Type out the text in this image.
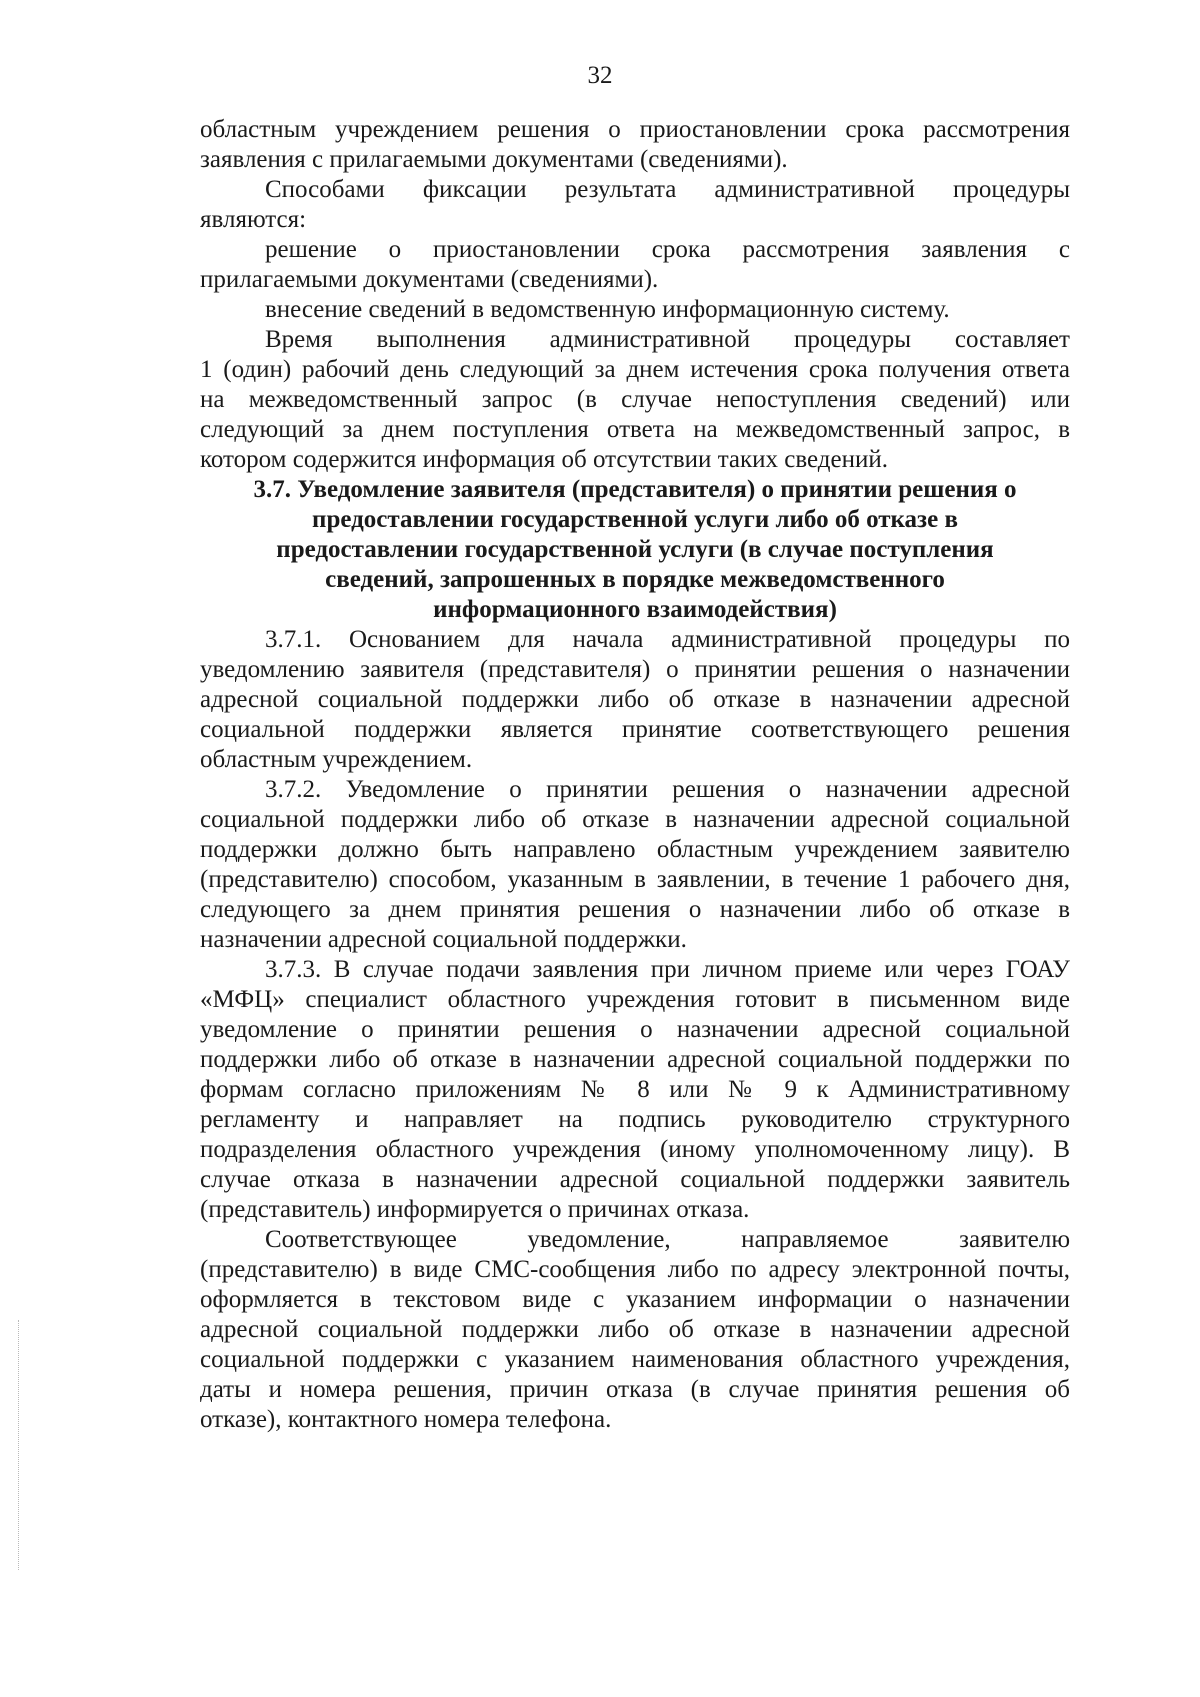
32
областным учреждением решения о приостановлении срока рассмотрения
заявления с прилагаемыми документами (сведениями).
Способами фиксации результата административной процедуры
являются:
решение о приостановлении срока рассмотрения заявления с
прилагаемыми документами (сведениями).
внесение сведений в ведомственную информационную систему.
Время выполнения административной процедуры составляет
1 (один) рабочий день следующий за днем истечения срока получения ответа
на межведомственный запрос (в случае непоступления сведений) или
следующий за днем поступления ответа на межведомственный запрос, в
котором содержится информация об отсутствии таких сведений.
3.7. Уведомление заявителя (представителя) о принятии решения о
предоставлении государственной услуги либо об отказе в
предоставлении государственной услуги (в случае поступления
сведений, запрошенных в порядке межведомственного
информационного взаимодействия)
3.7.1. Основанием для начала административной процедуры по
уведомлению заявителя (представителя) о принятии решения о назначении
адресной социальной поддержки либо об отказе в назначении адресной
социальной поддержки является принятие соответствующего решения
областным учреждением.
3.7.2. Уведомление о принятии решения о назначении адресной
социальной поддержки либо об отказе в назначении адресной социальной
поддержки должно быть направлено областным учреждением заявителю
(представителю) способом, указанным в заявлении, в течение 1 рабочего дня,
следующего за днем принятия решения о назначении либо об отказе в
назначении адресной социальной поддержки.
3.7.3. В случае подачи заявления при личном приеме или через ГОАУ
«МФЦ» специалист областного учреждения готовит в письменном виде
уведомление о принятии решения о назначении адресной социальной
поддержки либо об отказе в назначении адресной социальной поддержки по
формам согласно приложениям № 8 или № 9 к Административному
регламенту и направляет на подпись руководителю структурного
подразделения областного учреждения (иному уполномоченному лицу). В
случае отказа в назначении адресной социальной поддержки заявитель
(представитель) информируется о причинах отказа.
Соответствующее уведомление, направляемое заявителю
(представителю) в виде СМС-сообщения либо по адресу электронной почты,
оформляется в текстовом виде с указанием информации о назначении
адресной социальной поддержки либо об отказе в назначении адресной
социальной поддержки с указанием наименования областного учреждения,
даты и номера решения, причин отказа (в случае принятия решения об
отказе), контактного номера телефона.
